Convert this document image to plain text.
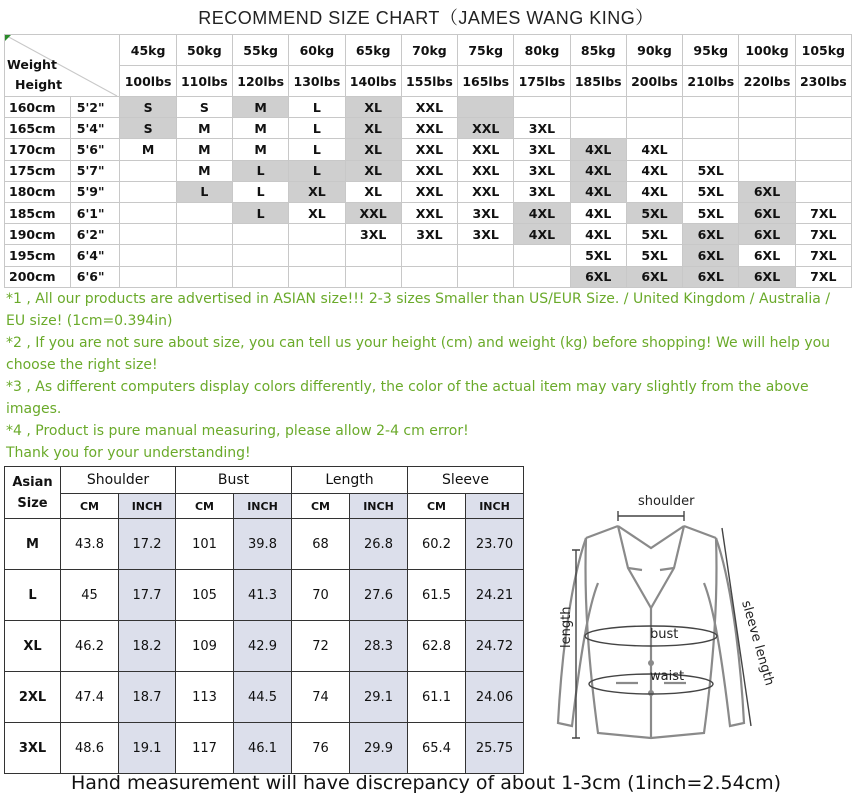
RECOMMEND SIZE CHART（JAMES WANG KING）
Weight
Height		45kg	50kg	55kg	60kg	65kg	70kg	75kg	80kg	85kg	90kg	95kg	100kg	105kg
		100lbs	110lbs	120lbs	130lbs	140lbs	155lbs	165lbs	175lbs	185lbs	200lbs	210lbs	220lbs	230lbs
160cm	5'2"	S	S	M	L	XL	XXL							
165cm	5'4"	S	M	M	L	XL	XXL	XXL	3XL					
170cm	5'6"	M	M	M	L	XL	XXL	XXL	3XL	4XL	4XL			
175cm	5'7"		M	L	L	XL	XXL	XXL	3XL	4XL	4XL	5XL		
180cm	5'9"		L	L	XL	XL	XXL	XXL	3XL	4XL	4XL	5XL	6XL	
185cm	6'1"			L	XL	XXL	XXL	3XL	4XL	4XL	5XL	5XL	6XL	7XL
190cm	6'2"					3XL	3XL	3XL	4XL	4XL	5XL	6XL	6XL	7XL
195cm	6'4"									5XL	5XL	6XL	6XL	7XL
200cm	6'6"									6XL	6XL	6XL	6XL	7XL

*1 , All our products are advertised in ASIAN size!!! 2-3 sizes Smaller than US/EUR Size. / United Kingdom / Australia / EU size! (1cm=0.394in)

*2 , If you are not sure about size, you can tell us your height (cm) and weight (kg) before shopping! We will help you choose the right size!

*3 , As different computers display colors differently, the color of the actual item may vary slightly from the above images.

*4 , Product is pure manual measuring, please allow 2-4 cm error!

Thank you for your understanding!

Asian
Size	Shoulder		Bust		Length		Sleeve	
	CM	INCH	CM	INCH	CM	INCH	CM	INCH
M	43.8	17.2	101	39.8	68	26.8	60.2	23.70
L	45	17.7	105	41.3	70	27.6	61.5	24.21
XL	46.2	18.2	109	42.9	72	28.3	62.8	24.72
2XL	47.4	18.7	113	44.5	74	29.1	61.1	24.06
3XL	48.6	19.1	117	46.1	76	29.9	65.4	25.75
shoulder
length	bust
waist	sleeve length
Hand measurement will have discrepancy of about 1-3cm (1inch=2.54cm)
